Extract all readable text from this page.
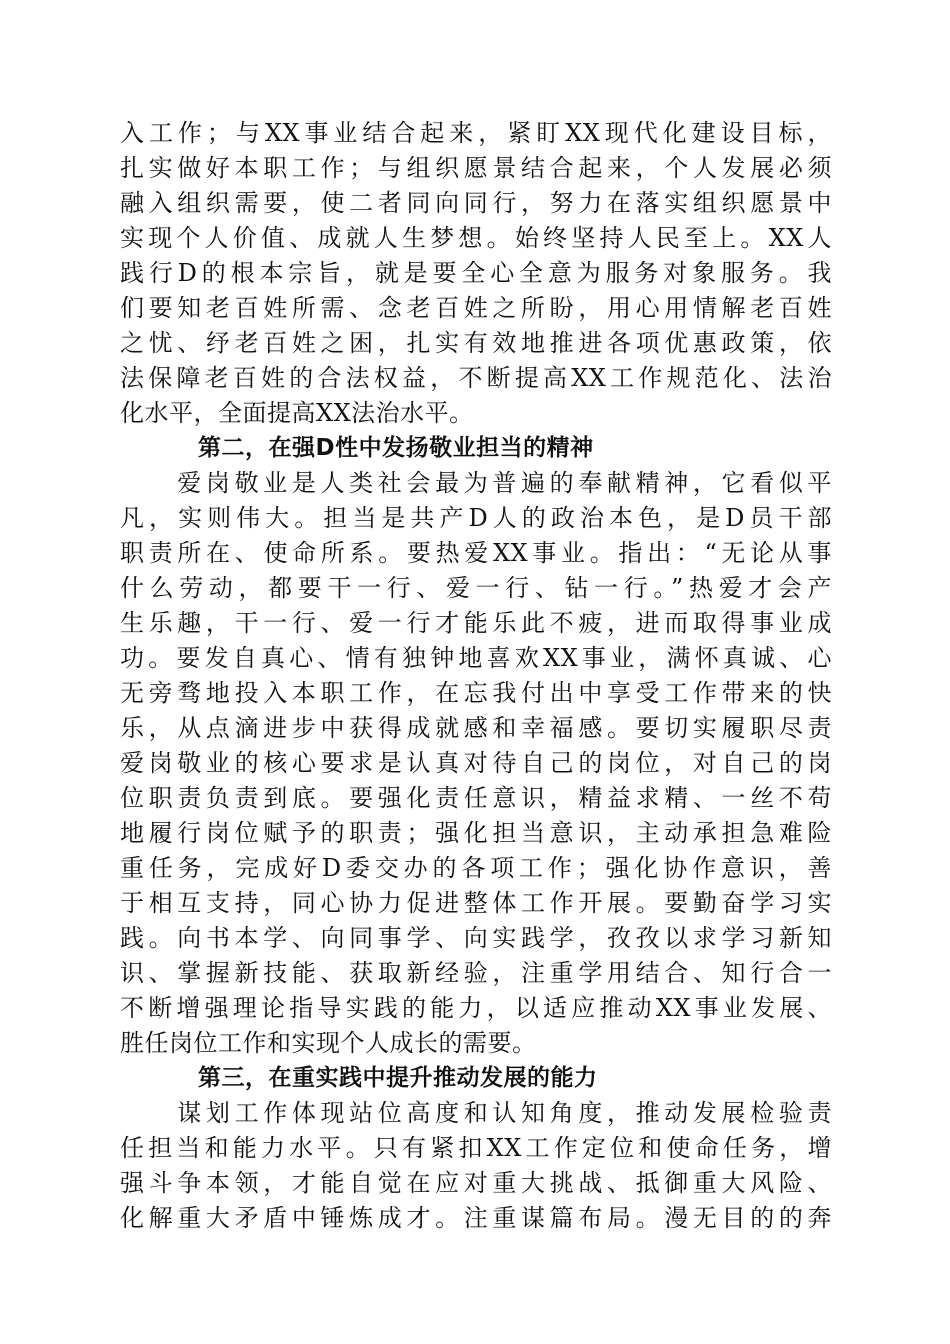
入工作；与XX事业结合起来，紧盯XX现代化建设目标，
扎实做好本职工作；与组织愿景结合起来，个人发展必须
融入组织需要，使二者同向同行，努力在落实组织愿景中
实现个人价值、成就人生梦想。始终坚持人民至上。XX人
践行D的根本宗旨，就是要全心全意为服务对象服务。我
们要知老百姓所需、念老百姓之所盼，用心用情解老百姓
之忧、纾老百姓之困，扎实有效地推进各项优惠政策，依
法保障老百姓的合法权益，不断提高XX工作规范化、法治
化水平，全面提高XX法治水平。
第二，在强D性中发扬敬业担当的精神
　　爱岗敬业是人类社会最为普遍的奉献精神，它看似平
凡，实则伟大。担当是共产D人的政治本色，是D员干部
职责所在、使命所系。要热爱XX事业。指出：“无论从事
什么劳动，都要干一行、爱一行、钻一行。”热爱才会产
生乐趣，干一行、爱一行才能乐此不疲，进而取得事业成
功。要发自真心、情有独钟地喜欢XX事业，满怀真诚、心
无旁骛地投入本职工作，在忘我付出中享受工作带来的快
乐，从点滴进步中获得成就感和幸福感。要切实履职尽责
爱岗敬业的核心要求是认真对待自己的岗位，对自己的岗
位职责负责到底。要强化责任意识，精益求精、一丝不苟
地履行岗位赋予的职责；强化担当意识，主动承担急难险
重任务，完成好D委交办的各项工作；强化协作意识，善
于相互支持，同心协力促进整体工作开展。要勤奋学习实
践。向书本学、向同事学、向实践学，孜孜以求学习新知
识、掌握新技能、获取新经验，注重学用结合、知行合一
不断增强理论指导实践的能力，以适应推动XX事业发展、
胜任岗位工作和实现个人成长的需要。
第三，在重实践中提升推动发展的能力
　　谋划工作体现站位高度和认知角度，推动发展检验责
任担当和能力水平。只有紧扣XX工作定位和使命任务，增
强斗争本领，才能自觉在应对重大挑战、抵御重大风险、
化解重大矛盾中锤炼成才。注重谋篇布局。漫无目的的奔
